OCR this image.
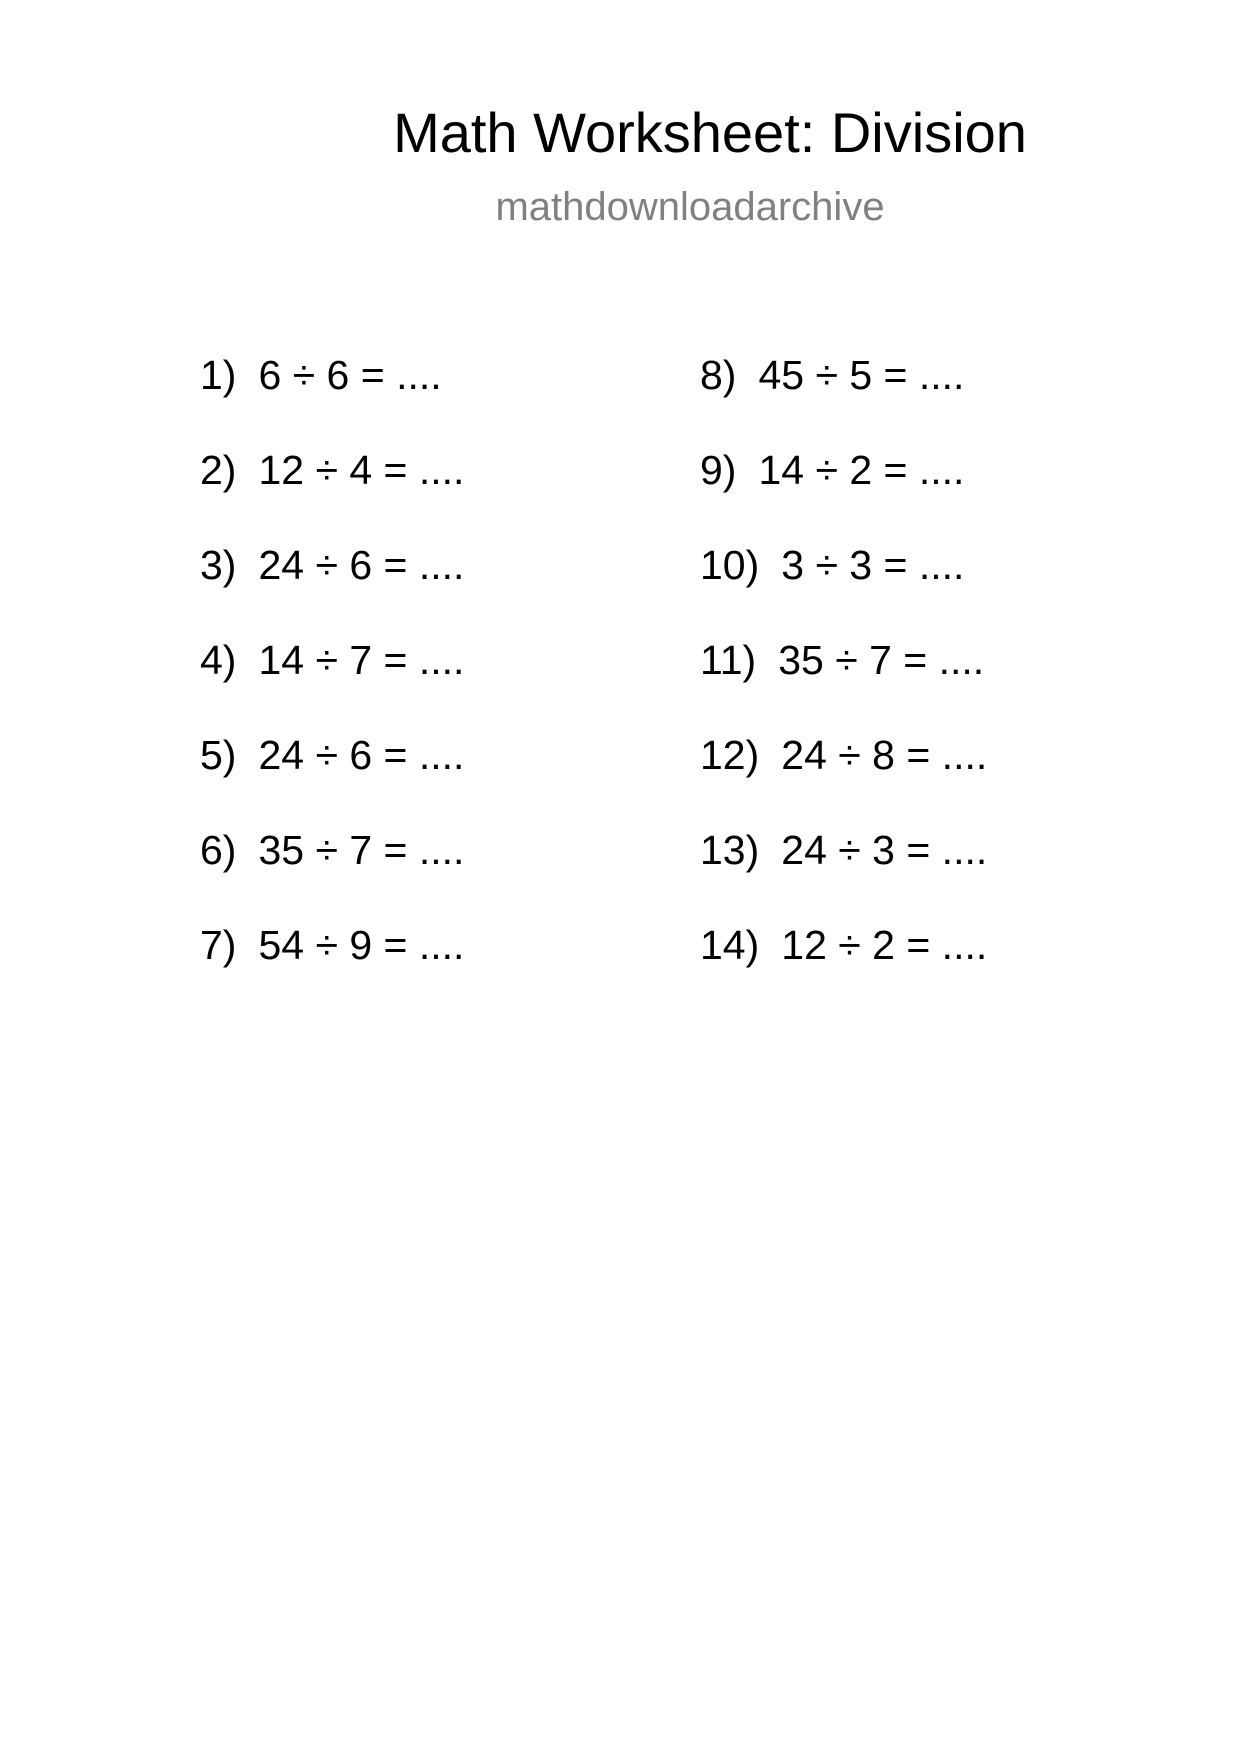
Math Worksheet: Division
mathdownloadarchive
1) 6 ÷ 6 = ....
2) 12 ÷ 4 = ....
3) 24 ÷ 6 = ....
4) 14 ÷ 7 = ....
5) 24 ÷ 6 = ....
6) 35 ÷ 7 = ....
7) 54 ÷ 9 = ....
8) 45 ÷ 5 = ....
9) 14 ÷ 2 = ....
10) 3 ÷ 3 = ....
11) 35 ÷ 7 = ....
12) 24 ÷ 8 = ....
13) 24 ÷ 3 = ....
14) 12 ÷ 2 = ....
